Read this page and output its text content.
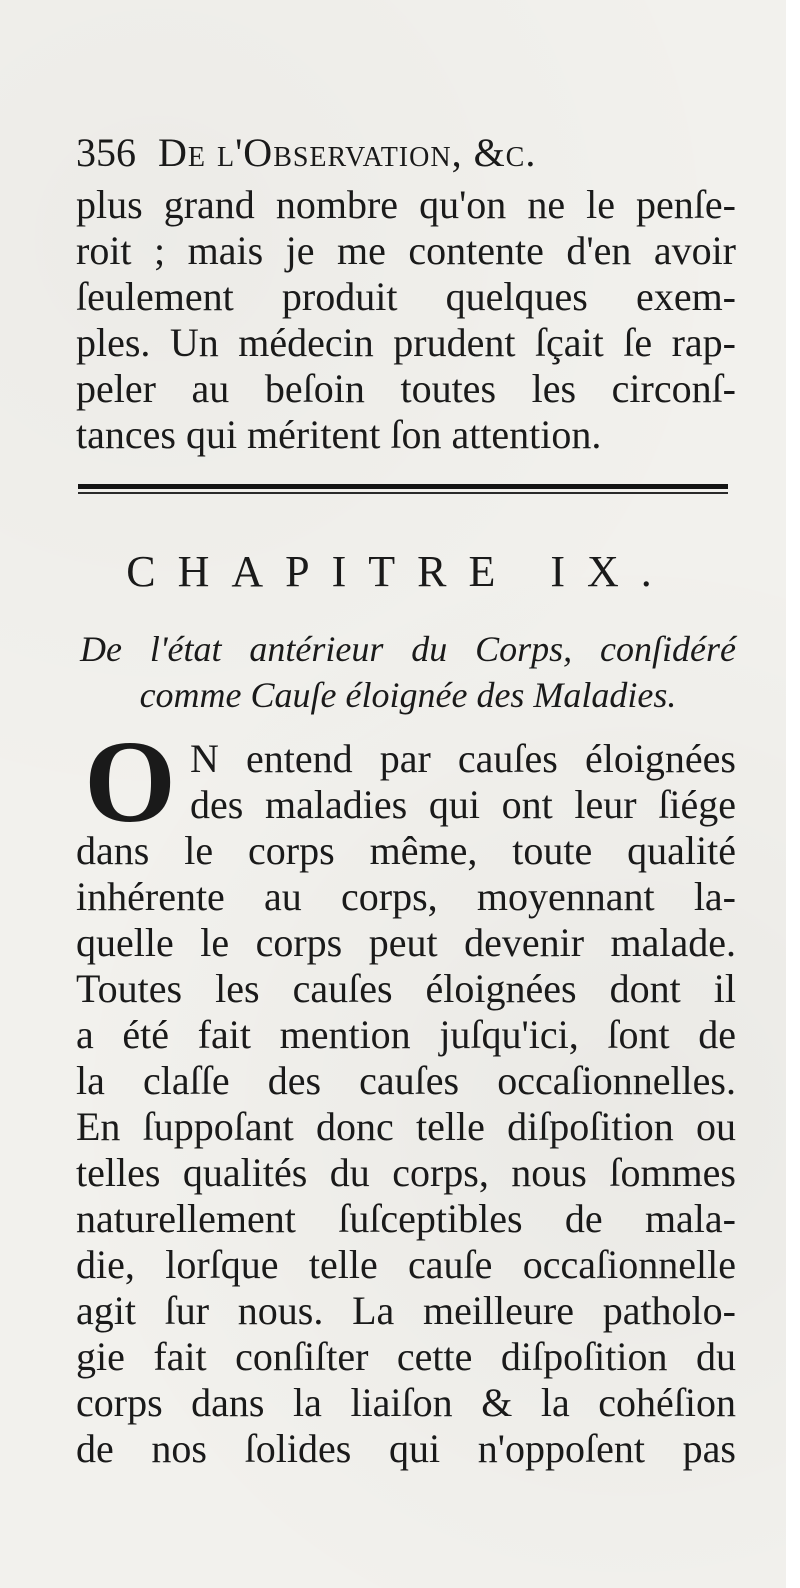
356 De l'Observation, &c.
plus grand nombre qu'on ne le penſe-
roit ; mais je me contente d'en avoir
ſeulement produit quelques exem-
ples. Un médecin prudent ſçait ſe rap-
peler au beſoin toutes les circonſ-
tances qui méritent ſon attention.
CHAPITRE IX.
De l'état antérieur du Corps, conſidéré
comme Cauſe éloignée des Maladies.
O N entend par cauſes éloignées
des maladies qui ont leur ſiége
dans le corps même, toute qualité
inhérente au corps, moyennant la-
quelle le corps peut devenir malade.
Toutes les cauſes éloignées dont il
a été fait mention juſqu'ici, ſont de
la claſſe des cauſes occaſionnelles.
En ſuppoſant donc telle diſpoſition ou
telles qualités du corps, nous ſommes
naturellement ſuſceptibles de mala-
die, lorſque telle cauſe occaſionnelle
agit ſur nous. La meilleure patholo-
gie fait conſiſter cette diſpoſition du
corps dans la liaiſon & la cohéſion
de nos ſolides qui n'oppoſent pas
